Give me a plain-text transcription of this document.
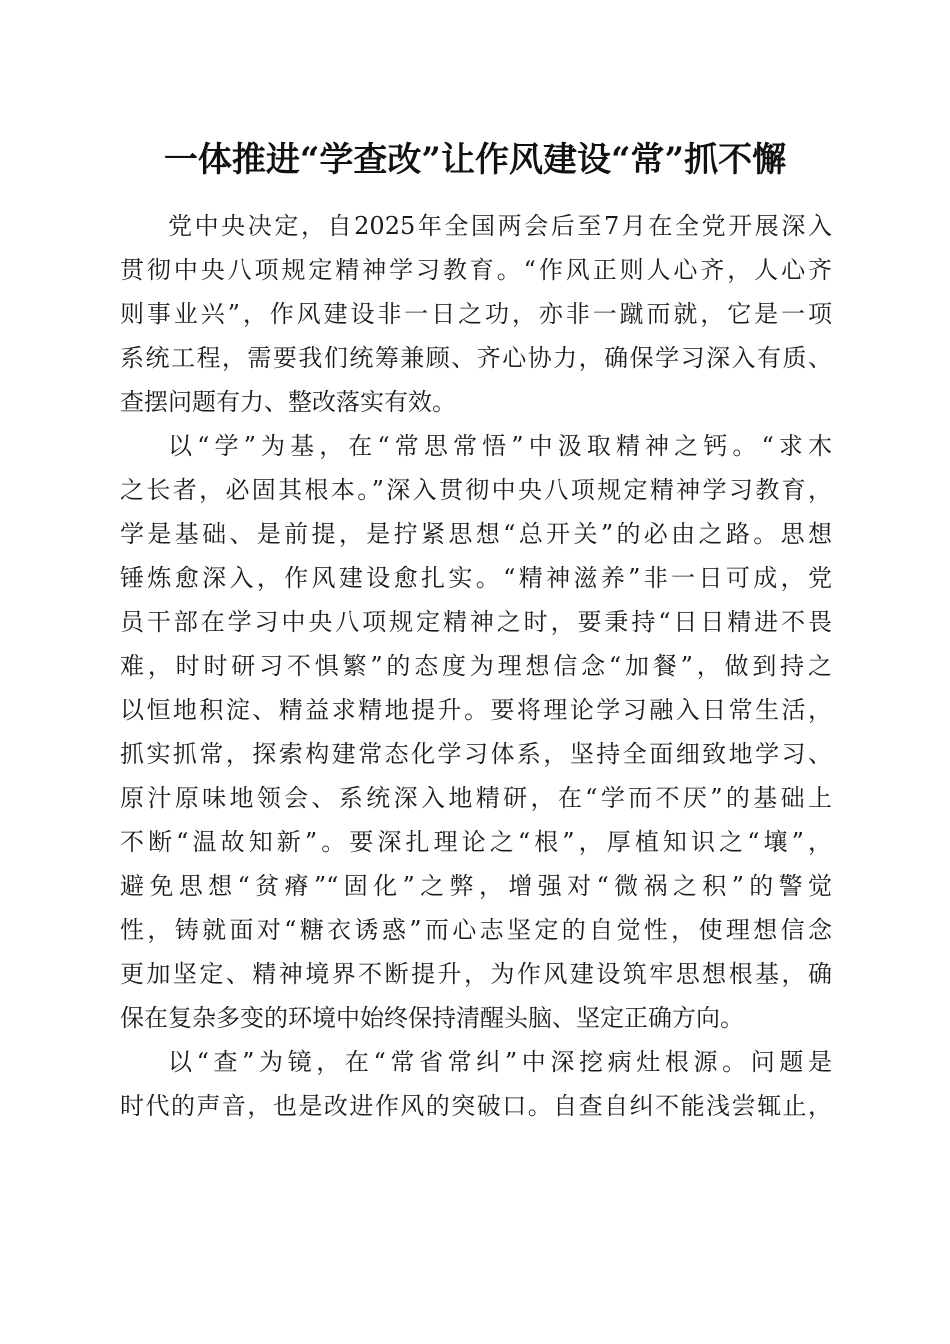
一体推进“学查改”让作风建设“常”抓不懈
党中央决定，自2025年全国两会后至7月在全党开展深入
贯彻中央八项规定精神学习教育。“作风正则人心齐，人心齐
则事业兴”，作风建设非一日之功，亦非一蹴而就，它是一项
系统工程，需要我们统筹兼顾、齐心协力，确保学习深入有质、
查摆问题有力、整改落实有效。
以“学”为基，在“常思常悟”中汲取精神之钙。“求木
之长者，必固其根本。”深入贯彻中央八项规定精神学习教育，
学是基础、是前提，是拧紧思想“总开关”的必由之路。思想
锤炼愈深入，作风建设愈扎实。“精神滋养”非一日可成，党
员干部在学习中央八项规定精神之时，要秉持“日日精进不畏
难，时时研习不惧繁”的态度为理想信念“加餐”，做到持之
以恒地积淀、精益求精地提升。要将理论学习融入日常生活，
抓实抓常，探索构建常态化学习体系，坚持全面细致地学习、
原汁原味地领会、系统深入地精研，在“学而不厌”的基础上
不断“温故知新”。要深扎理论之“根”，厚植知识之“壤”，
避免思想“贫瘠”“固化”之弊，增强对“微祸之积”的警觉
性，铸就面对“糖衣诱惑”而心志坚定的自觉性，使理想信念
更加坚定、精神境界不断提升，为作风建设筑牢思想根基，确
保在复杂多变的环境中始终保持清醒头脑、坚定正确方向。
以“查”为镜，在“常省常纠”中深挖病灶根源。问题是
时代的声音，也是改进作风的突破口。自查自纠不能浅尝辄止，
